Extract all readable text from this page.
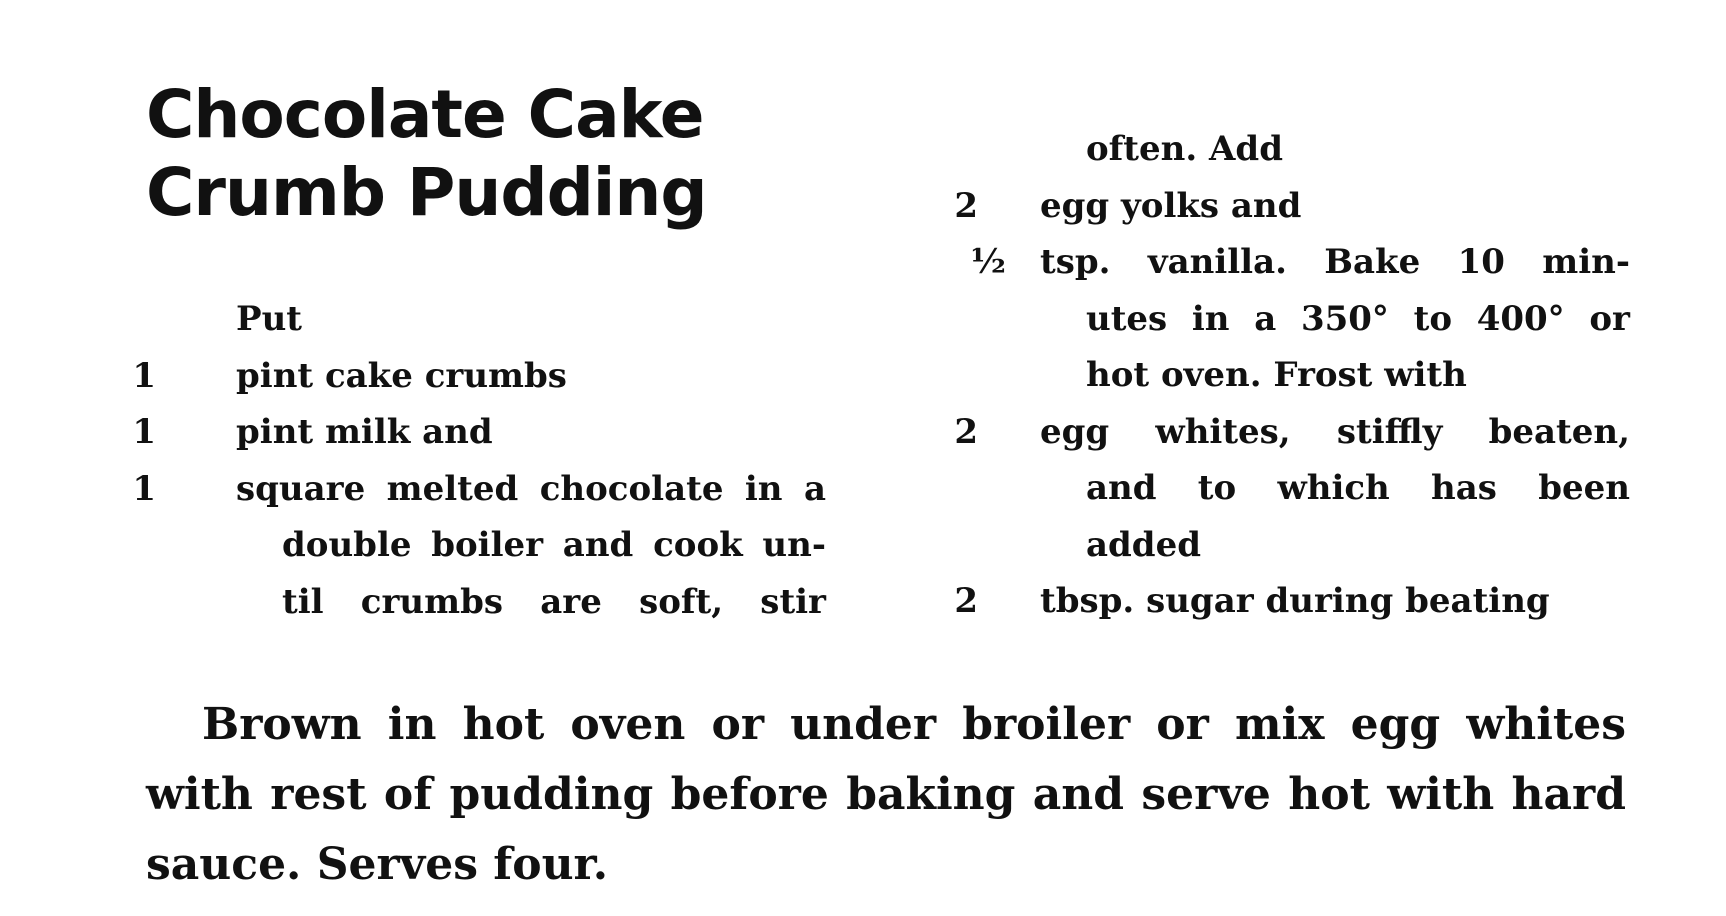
Chocolate Cake
Crumb Pudding
Put
1 pint cake crumbs
1 pint milk and
1 square melted chocolate in a
double boiler and cook un-
til crumbs are soft, stir
often. Add
2 egg yolks and
½ tsp. vanilla. Bake 10 min-
utes in a 350° to 400° or
hot oven. Frost with
2 egg whites, stiffly beaten,
and to which has been
added
2 tbsp. sugar during beating

Brown in hot oven or under broiler or mix egg whites with rest of pudding before baking and serve hot with hard sauce. Serves four.
